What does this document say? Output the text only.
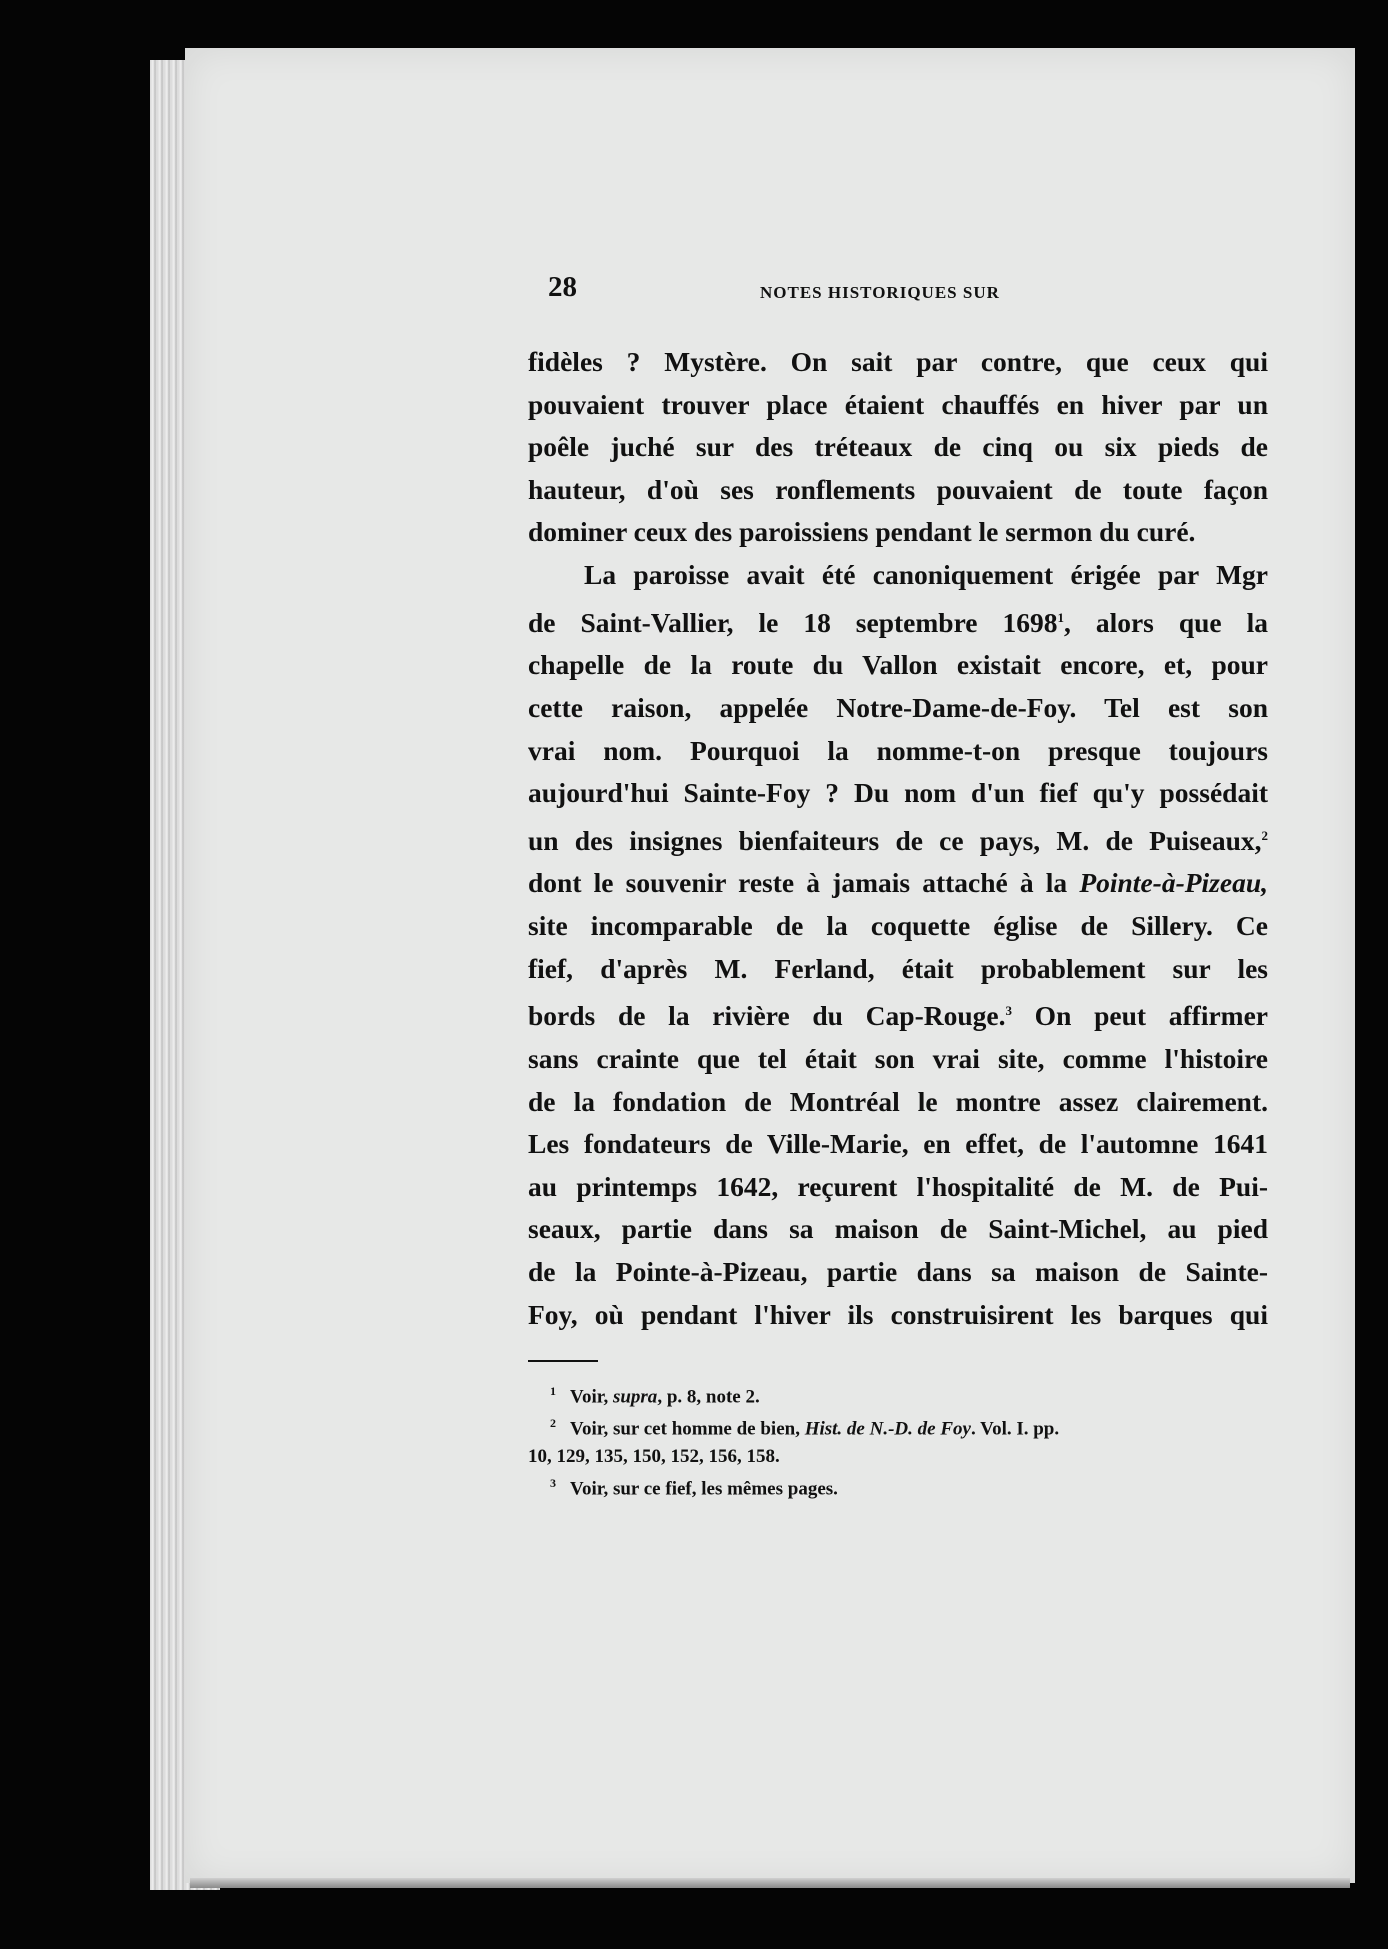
28	NOTES HISTORIQUES SUR
fidèles ? Mystère. On sait par contre, que ceux qui
pouvaient trouver place étaient chauffés en hiver par un
poêle juché sur des tréteaux de cinq ou six pieds de
hauteur, d'où ses ronflements pouvaient de toute façon
dominer ceux des paroissiens pendant le sermon du curé.
La paroisse avait été canoniquement érigée par Mgr
de Saint-Vallier, le 18 septembre 1698$^1$, alors que la
chapelle de la route du Vallon existait encore, et, pour
cette raison, appelée Notre-Dame-de-Foy. Tel est son
vrai nom. Pourquoi la nomme-t-on presque toujours
aujourd'hui Sainte-Foy ? Du nom d'un fief qu'y possédait
un des insignes bienfaiteurs de ce pays, M. de Puiseaux,$^2$
dont le souvenir reste à jamais attaché à la Pointe-à-Pizeau,
site incomparable de la coquette église de Sillery. Ce
fief, d'après M. Ferland, était probablement sur les
bords de la rivière du Cap-Rouge.$^3$ On peut affirmer
sans crainte que tel était son vrai site, comme l'histoire
de la fondation de Montréal le montre assez clairement.
Les fondateurs de Ville-Marie, en effet, de l'automne 1641
au printemps 1642, reçurent l'hospitalité de M. de Pui-
seaux, partie dans sa maison de Saint-Michel, au pied
de la Pointe-à-Pizeau, partie dans sa maison de Sainte-
Foy, où pendant l'hiver ils construisirent les barques qui
$^1$ Voir, supra, p. 8, note 2.
$^2$ Voir, sur cet homme de bien, Hist. de N.-D. de Foy. Vol. I. pp.
10, 129, 135, 150, 152, 156, 158.
$^3$ Voir, sur ce fief, les mêmes pages.
